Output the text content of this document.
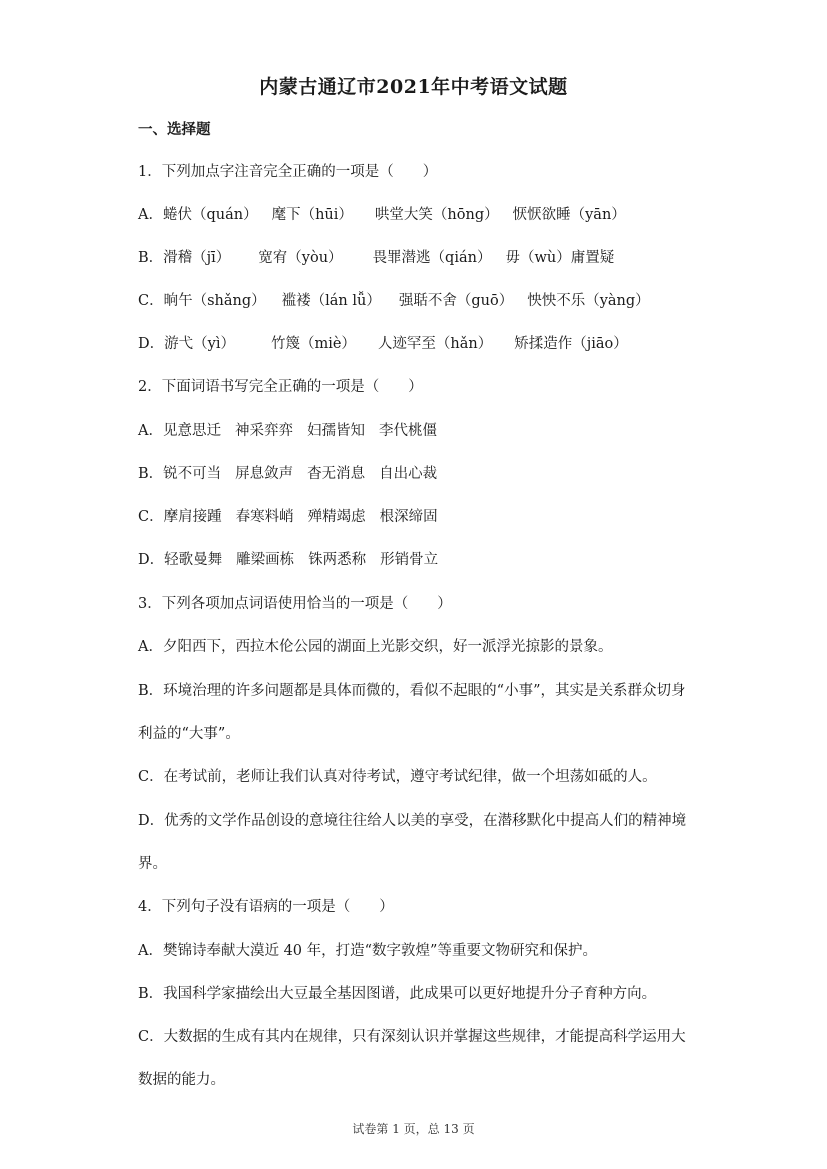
内蒙古通辽市2021年中考语文试题
一、选择题
1．下列加点字注音完全正确的一项是（　　）
A．蜷伏（quán） 麾下（hūi） 哄堂大笑（hōng） 恹恹欲睡（yān）
B．滑稽（jī） 宽宥（yòu） 畏罪潜逃（qián） 毋（wù）庸置疑
C．晌午（shǎng） 褴褛（lán lǚ） 强聒不舍（guō） 怏怏不乐（yàng）
D．游弋（yì） 竹篾（miè） 人迹罕至（hǎn） 矫揉造作（jiāo）
2．下面词语书写完全正确的一项是（　　）
A．见意思迁 神采弈弈 妇孺皆知 李代桃僵
B．锐不可当 屏息敛声 杳无消息 自出心裁
C．摩肩接踵 春寒料峭 殚精竭虑 根深缔固
D．轻歌曼舞 雕梁画栋 铢两悉称 形销骨立
3．下列各项加点词语使用恰当的一项是（　　）
A．夕阳西下，西拉木伦公园的湖面上光影交织，好一派浮光掠影的景象。
B．环境治理的许多问题都是具体而微的，看似不起眼的“小事”，其实是关系群众切身
利益的“大事”。
C．在考试前，老师让我们认真对待考试，遵守考试纪律，做一个坦荡如砥的人。
D．优秀的文学作品创设的意境往往给人以美的享受，在潜移默化中提高人们的精神境
界。
4．下列句子没有语病的一项是（　　）
A．樊锦诗奉献大漠近 40 年，打造“数字敦煌”等重要文物研究和保护。
B．我国科学家描绘出大豆最全基因图谱，此成果可以更好地提升分子育种方向。
C．大数据的生成有其内在规律，只有深刻认识并掌握这些规律，才能提高科学运用大
数据的能力。
试卷第 1 页，总 13 页
